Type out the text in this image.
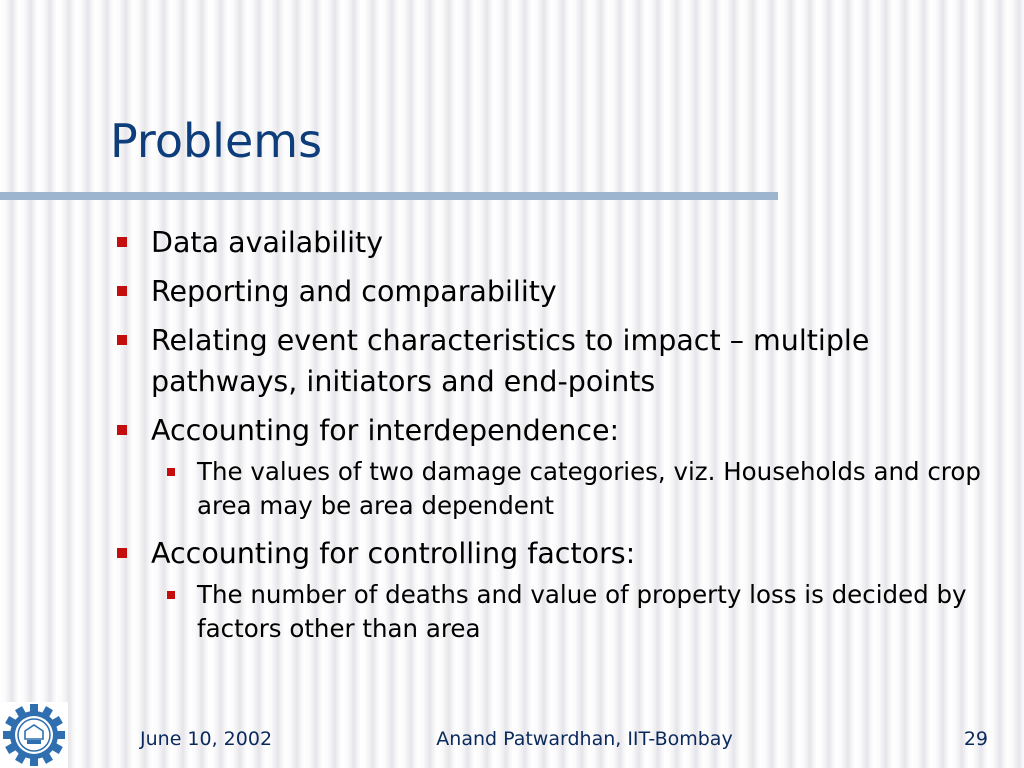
Problems
Data availability
Reporting and comparability
Relating event characteristics to impact – multiple pathways, initiators and end-points
Accounting for interdependence:
The values of two damage categories, viz. Households and crop area may be area dependent
Accounting for controlling factors:
The number of deaths and value of property loss is decided by factors other than area
June 10, 2002	Anand Patwardhan, IIT-Bombay	29
